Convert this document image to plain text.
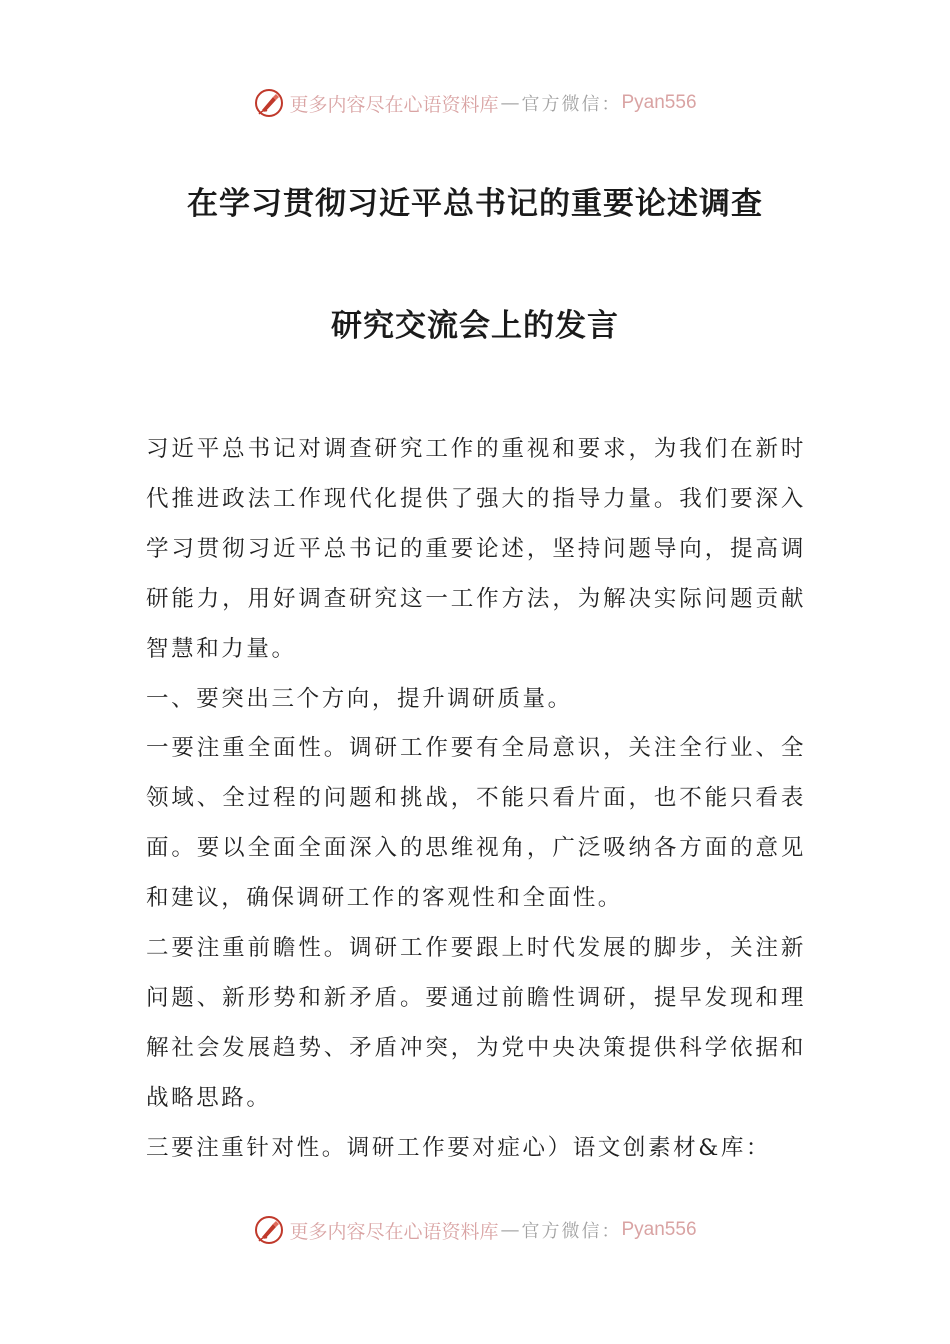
更多内容尽在心语资料库 — 官方微信： Pyan556
在学习贯彻习近平总书记的重要论述调查
研究交流会上的发言

习近平总书记对调查研究工作的重视和要求，为我们在新时代推进政法工作现代化提供了强大的指导力量。我们要深入学习贯彻习近平总书记的重要论述，坚持问题导向，提高调研能力，用好调查研究这一工作方法，为解决实际问题贡献智慧和力量。

一、要突出三个方向，提升调研质量。

一要注重全面性。调研工作要有全局意识，关注全行业、全领域、全过程的问题和挑战，不能只看片面，也不能只看表面。要以全面全面深入的思维视角，广泛吸纳各方面的意见和建议，确保调研工作的客观性和全面性。

二要注重前瞻性。调研工作要跟上时代发展的脚步，关注新问题、新形势和新矛盾。要通过前瞻性调研，提早发现和理解社会发展趋势、矛盾冲突，为党中央决策提供科学依据和战略思路。

三要注重针对性。调研工作要对症心）语文创素材&库：

更多内容尽在心语资料库 — 官方微信： Pyan556
